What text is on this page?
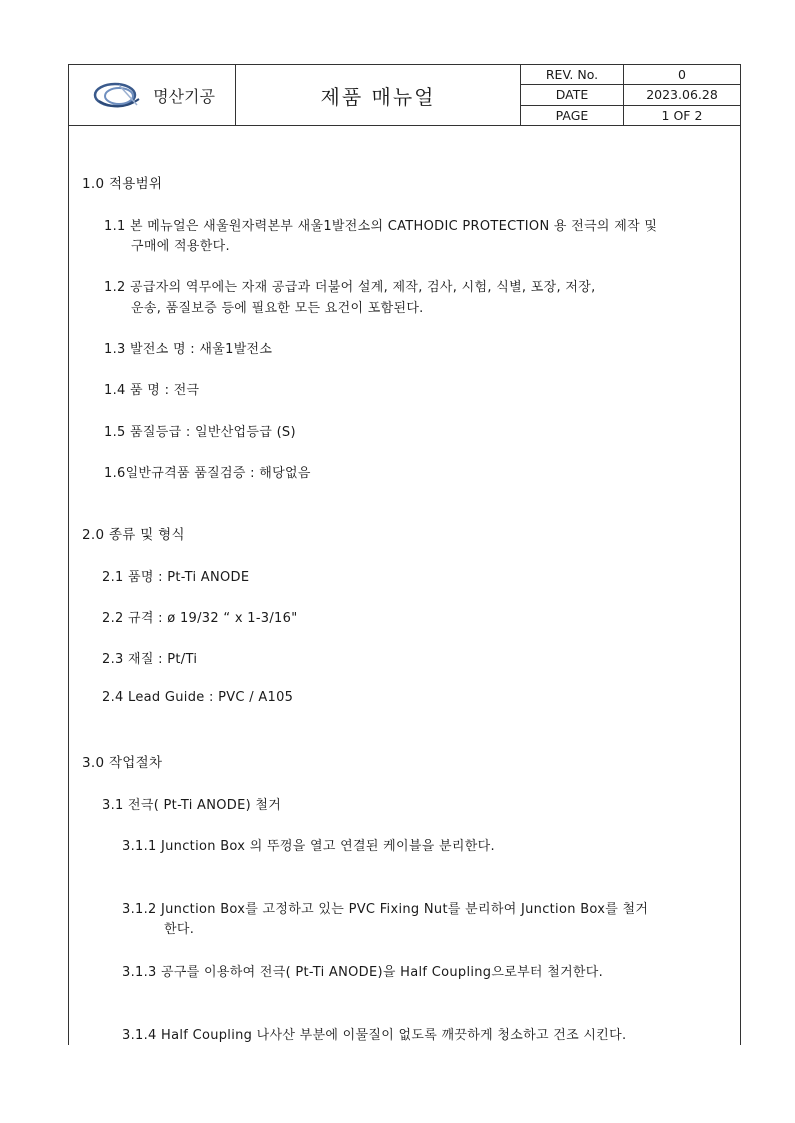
명산기공	제품 매뉴얼
REV. No.	0
DATE	2023.06.28
PAGE	1 OF 2
1.0 적용범위
1.1 본 메뉴얼은 새울원자력본부 새울1발전소의 CATHODIC PROTECTION 용 전극의 제작 및
구매에 적용한다.
1.2 공급자의 역무에는 자재 공급과 더불어 설계, 제작, 검사, 시험, 식별, 포장, 저장,
운송, 품질보증 등에 필요한 모든 요건이 포함된다.
1.3 발전소 명 : 새울1발전소
1.4 품 명 : 전극
1.5 품질등급 : 일반산업등급 (S)
1.6일반규격품 품질검증 : 해당없음
2.0 종류 및 형식
2.1 품명 : Pt-Ti ANODE
2.2 규격 : ø 19/32 “ x 1-3/16"
2.3 재질 : Pt/Ti
2.4 Lead Guide : PVC / A105
3.0 작업절차
3.1 전극( Pt-Ti ANODE) 철거
3.1.1 Junction Box 의 뚜껑을 열고 연결된 케이블을 분리한다.
3.1.2 Junction Box를 고정하고 있는 PVC Fixing Nut를 분리하여 Junction Box를 철거
한다.
3.1.3 공구를 이용하여 전극( Pt-Ti ANODE)을 Half Coupling으로부터 철거한다.
3.1.4 Half Coupling 나사산 부분에 이물질이 없도록 깨끗하게 청소하고 건조 시킨다.
